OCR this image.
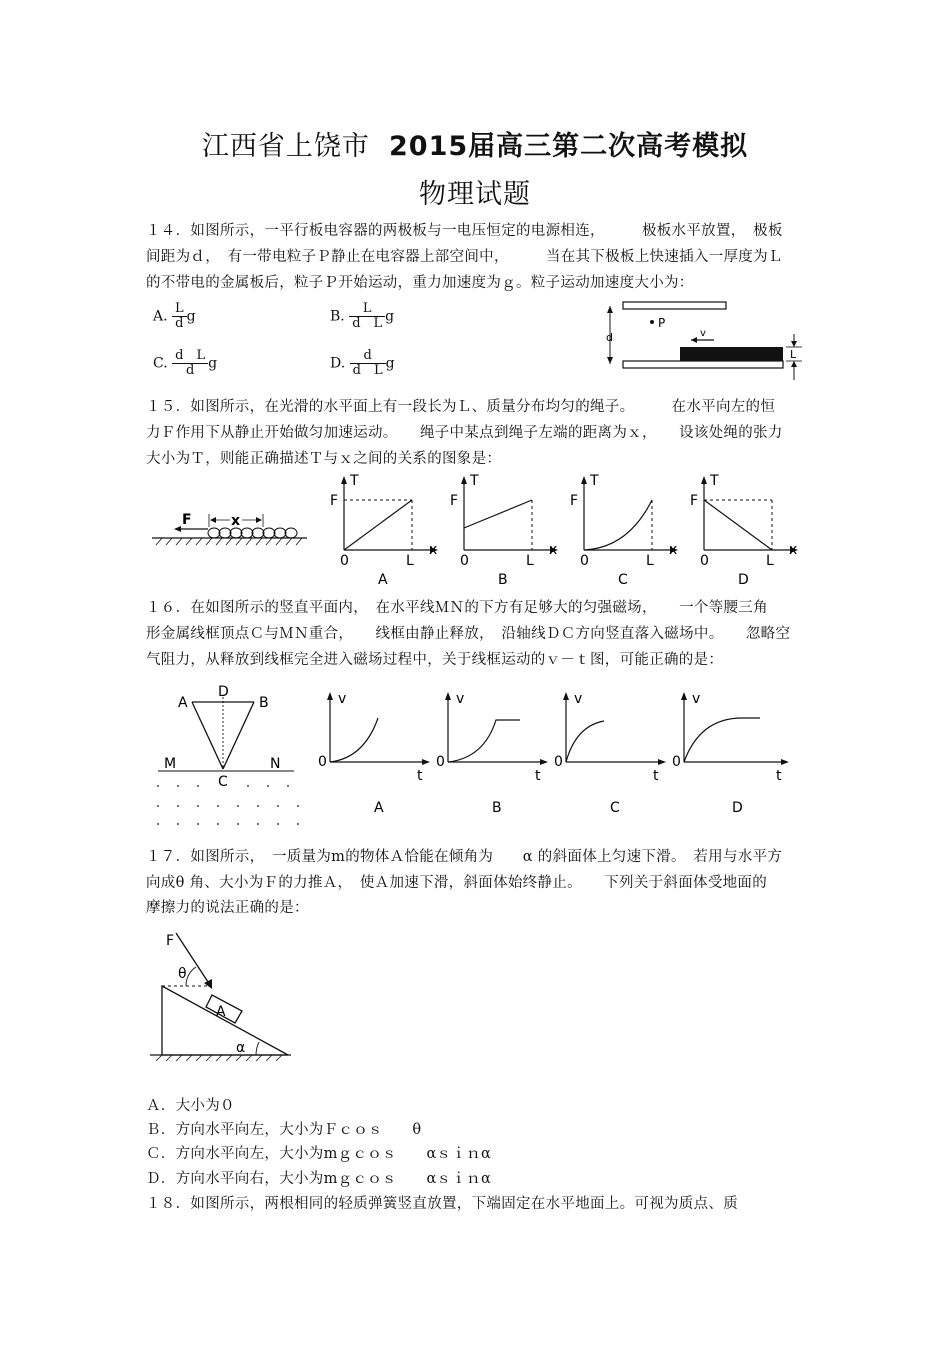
江西省上饶市 2015届高三第二次高考模拟
物理试题
１４．如图所示，一平行板电容器的两极板与一电压恒定的电源相连，　　　极板水平放置，　极板
间距为ｄ，　有一带电粒子Ｐ静止在电容器上部空间中，　　　当在其下极板上快速插入一厚度为Ｌ
的不带电的金属板后，粒子Ｐ开始运动，重力加速度为ｇ。粒子运动加速度大小为：
A. $\frac{L}{d}$ g	B. $\frac{L}{\text{d　L}}$ g
C. $\frac{\text{d　L}}{d}$ g	D. $\frac{d}{\text{d　L}}$ g
P
v
d
L
１５．如图所示，在光滑的水平面上有一段长为Ｌ、质量分布均匀的绳子。　　　在水平向左的恒
力Ｆ作用下从静止开始做匀加速运动。　　绳子中某点到绳子左端的距离为ｘ，　　设该处绳的张力
大小为Ｔ，则能正确描述Ｔ与ｘ之间的关系的图象是：
F	x
T
F
0	L
x
A
T
F
0	L
x
B
T
F
0	L
x
C
T
F
0	L
x
D
１６．在如图所示的竖直平面内，　在水平线ＭＮ的下方有足够大的匀强磁场，　　一个等腰三角
形金属线框顶点Ｃ与ＭＮ重合，　　线框由静止释放，　沿轴线ＤＣ方向竖直落入磁场中。　　忽略空
气阻力，从释放到线框完全进入磁场过程中，关于线框运动的ｖ－ｔ图，可能正确的是：
A	B
D
C
M	N
v
0
t
A
v
0
t
B
v
0
t
C
v
0
t
D
１７．如图所示，　一质量为m的物体Ａ恰能在倾角为　　α 的斜面体上匀速下滑。　若用与水平方
向成θ 角、大小为Ｆ的力推Ａ，　使Ａ加速下滑，斜面体始终静止。　　下列关于斜面体受地面的
摩擦力的说法正确的是：
A
F
θ
α
Ａ．大小为０
Ｂ．方向水平向左，大小为Ｆｃｏｓ　　θ
Ｃ．方向水平向左，大小为mｇｃｏｓ　　αｓｉｎα
Ｄ．方向水平向右，大小为mｇｃｏｓ　　αｓｉｎα
１８．如图所示，两根相同的轻质弹簧竖直放置，下端固定在水平地面上。可视为质点、质
